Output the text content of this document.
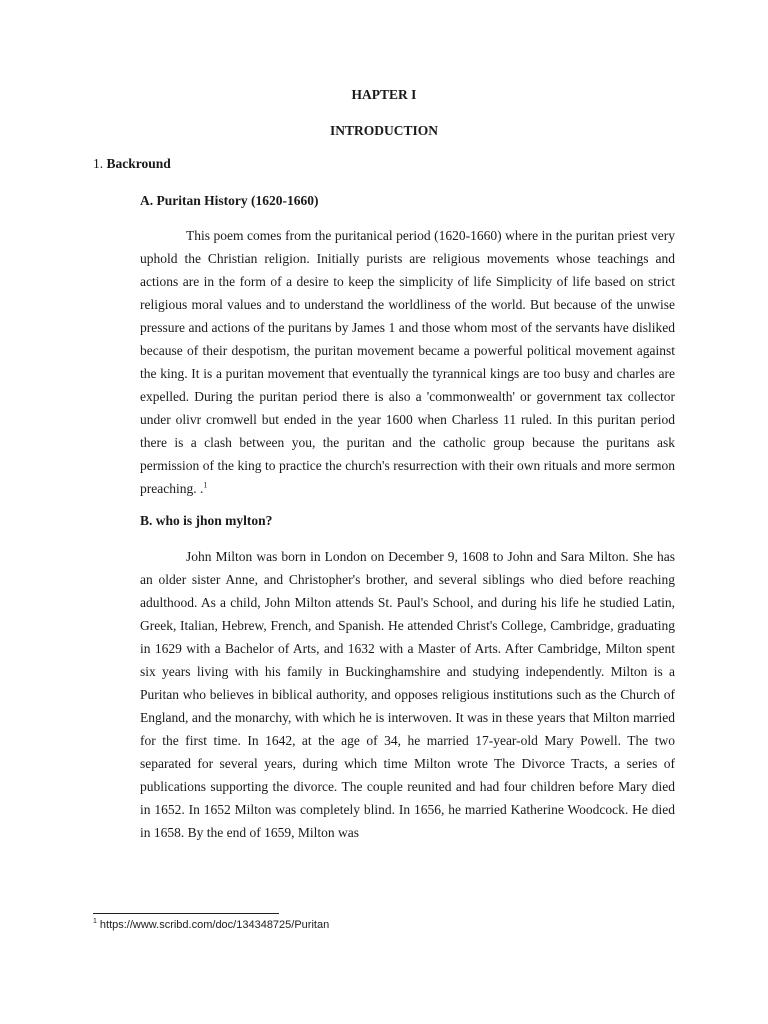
HAPTER I
INTRODUCTION
1. Backround
A. Puritan History (1620-1660)

This poem comes from the puritanical period (1620-1660) where in the puritan priest very uphold the Christian religion. Initially purists are religious movements whose teachings and actions are in the form of a desire to keep the simplicity of life Simplicity of life based on strict religious moral values and to understand the worldliness of the world. But because of the unwise pressure and actions of the puritans by James 1 and those whom most of the servants have disliked because of their despotism, the puritan movement became a powerful political movement against the king. It is a puritan movement that eventually the tyrannical kings are too busy and charles are expelled. During the puritan period there is also a 'commonwealth' or government tax collector under olivr cromwell but ended in the year 1600 when Charless 11 ruled. In this puritan period there is a clash between you, the puritan and the catholic group because the puritans ask permission of the king to practice the church's resurrection with their own rituals and more sermon preaching. .$^1$

B. who is jhon mylton?

John Milton was born in London on December 9, 1608 to John and Sara Milton. She has an older sister Anne, and Christopher's brother, and several siblings who died before reaching adulthood. As a child, John Milton attends St. Paul's School, and during his life he studied Latin, Greek, Italian, Hebrew, French, and Spanish. He attended Christ's College, Cambridge, graduating in 1629 with a Bachelor of Arts, and 1632 with a Master of Arts. After Cambridge, Milton spent six years living with his family in Buckinghamshire and studying independently. Milton is a Puritan who believes in biblical authority, and opposes religious institutions such as the Church of England, and the monarchy, with which he is interwoven. It was in these years that Milton married for the first time. In 1642, at the age of 34, he married 17-year-old Mary Powell. The two separated for several years, during which time Milton wrote The Divorce Tracts, a series of publications supporting the divorce. The couple reunited and had four children before Mary died in 1652. In 1652 Milton was completely blind. In 1656, he married Katherine Woodcock. He died in 1658. By the end of 1659, Milton was

$^1$ https://www.scribd.com/doc/134348725/Puritan
